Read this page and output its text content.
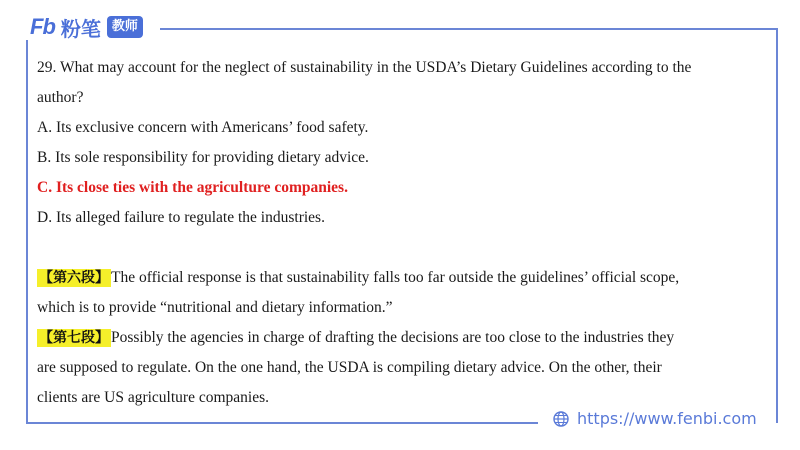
Fb 粉笔 教师

29. What may account for the neglect of sustainability in the USDA’s Dietary Guidelines according to the

author?

A. Its exclusive concern with Americans’ food safety.

B. Its sole responsibility for providing dietary advice.

C. Its close ties with the agriculture companies.

D. Its alleged failure to regulate the industries.

【第六段】 The official response is that sustainability falls too far outside the guidelines’ official scope,

which is to provide “nutritional and dietary information.”

【第七段】 Possibly the agencies in charge of drafting the decisions are too close to the industries they

are supposed to regulate. On the one hand, the USDA is compiling dietary advice. On the other, their

clients are US agriculture companies.

https://www.fenbi.com
